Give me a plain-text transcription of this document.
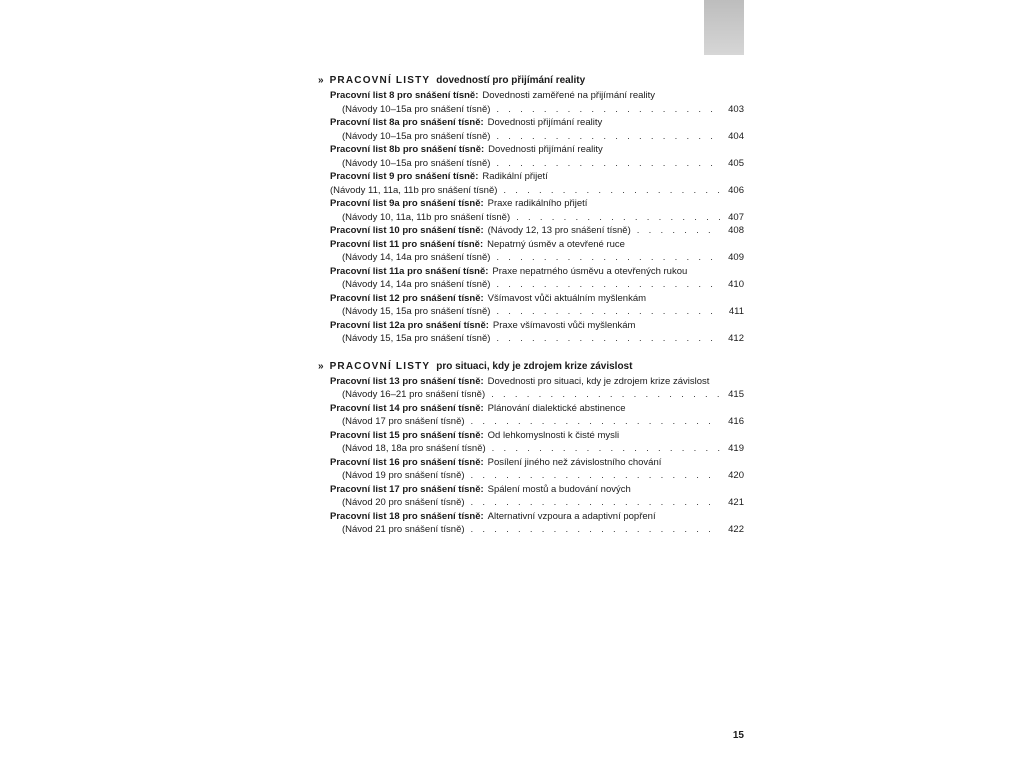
» PRACOVNÍ LISTY dovedností pro přijímání reality
Pracovní list 8 pro snášení tísně: Dovednosti zaměřené na přijímání reality
(Návody 10–15a pro snášení tísně) . . .	403
Pracovní list 8a pro snášení tísně: Dovednosti přijímání reality
(Návody 10–15a pro snášení tísně) . . .	404
Pracovní list 8b pro snášení tísně: Dovednosti přijímání reality
(Návody 10–15a pro snášení tísně) . . .	405
Pracovní list 9 pro snášení tísně: Radikální přijetí
(Návody 11, 11a, 11b pro snášení tísně) . . .	406
Pracovní list 9a pro snášení tísně: Praxe radikálního přijetí
(Návody 10, 11a, 11b pro snášení tísně) . . .	407
Pracovní list 10 pro snášení tísně: (Návody 12, 13 pro snášení tísně) . . .	408
Pracovní list 11 pro snášení tísně: Nepatrný úsměv a otevřené ruce
(Návody 14, 14a pro snášení tísně) . . .	409
Pracovní list 11a pro snášení tísně: Praxe nepatrného úsměvu a otevřených rukou
(Návody 14, 14a pro snášení tísně) . . .	410
Pracovní list 12 pro snášení tísně: Všímavost vůči aktuálním myšlenkám
(Návody 15, 15a pro snášení tísně) . . .	411
Pracovní list 12a pro snášení tísně: Praxe všímavosti vůči myšlenkám
(Návody 15, 15a pro snášení tísně) . . .	412
» PRACOVNÍ LISTY pro situaci, kdy je zdrojem krize závislost
Pracovní list 13 pro snášení tísně: Dovednosti pro situaci, kdy je zdrojem krize závislost
(Návody 16–21 pro snášení tísně) . . .	415
Pracovní list 14 pro snášení tísně: Plánování dialektické abstinence
(Návod 17 pro snášení tísně) . . .	416
Pracovní list 15 pro snášení tísně: Od lehkomyslnosti k čisté mysli
(Návod 18, 18a pro snášení tísně) . . .	419
Pracovní list 16 pro snášení tísně: Posílení jiného než závislostního chování
(Návod 19 pro snášení tísně) . . .	420
Pracovní list 17 pro snášení tísně: Spálení mostů a budování nových
(Návod 20 pro snášení tísně) . . .	421
Pracovní list 18 pro snášení tísně: Alternativní vzpoura a adaptivní popření
(Návod 21 pro snášení tísně) . . .	422
15
